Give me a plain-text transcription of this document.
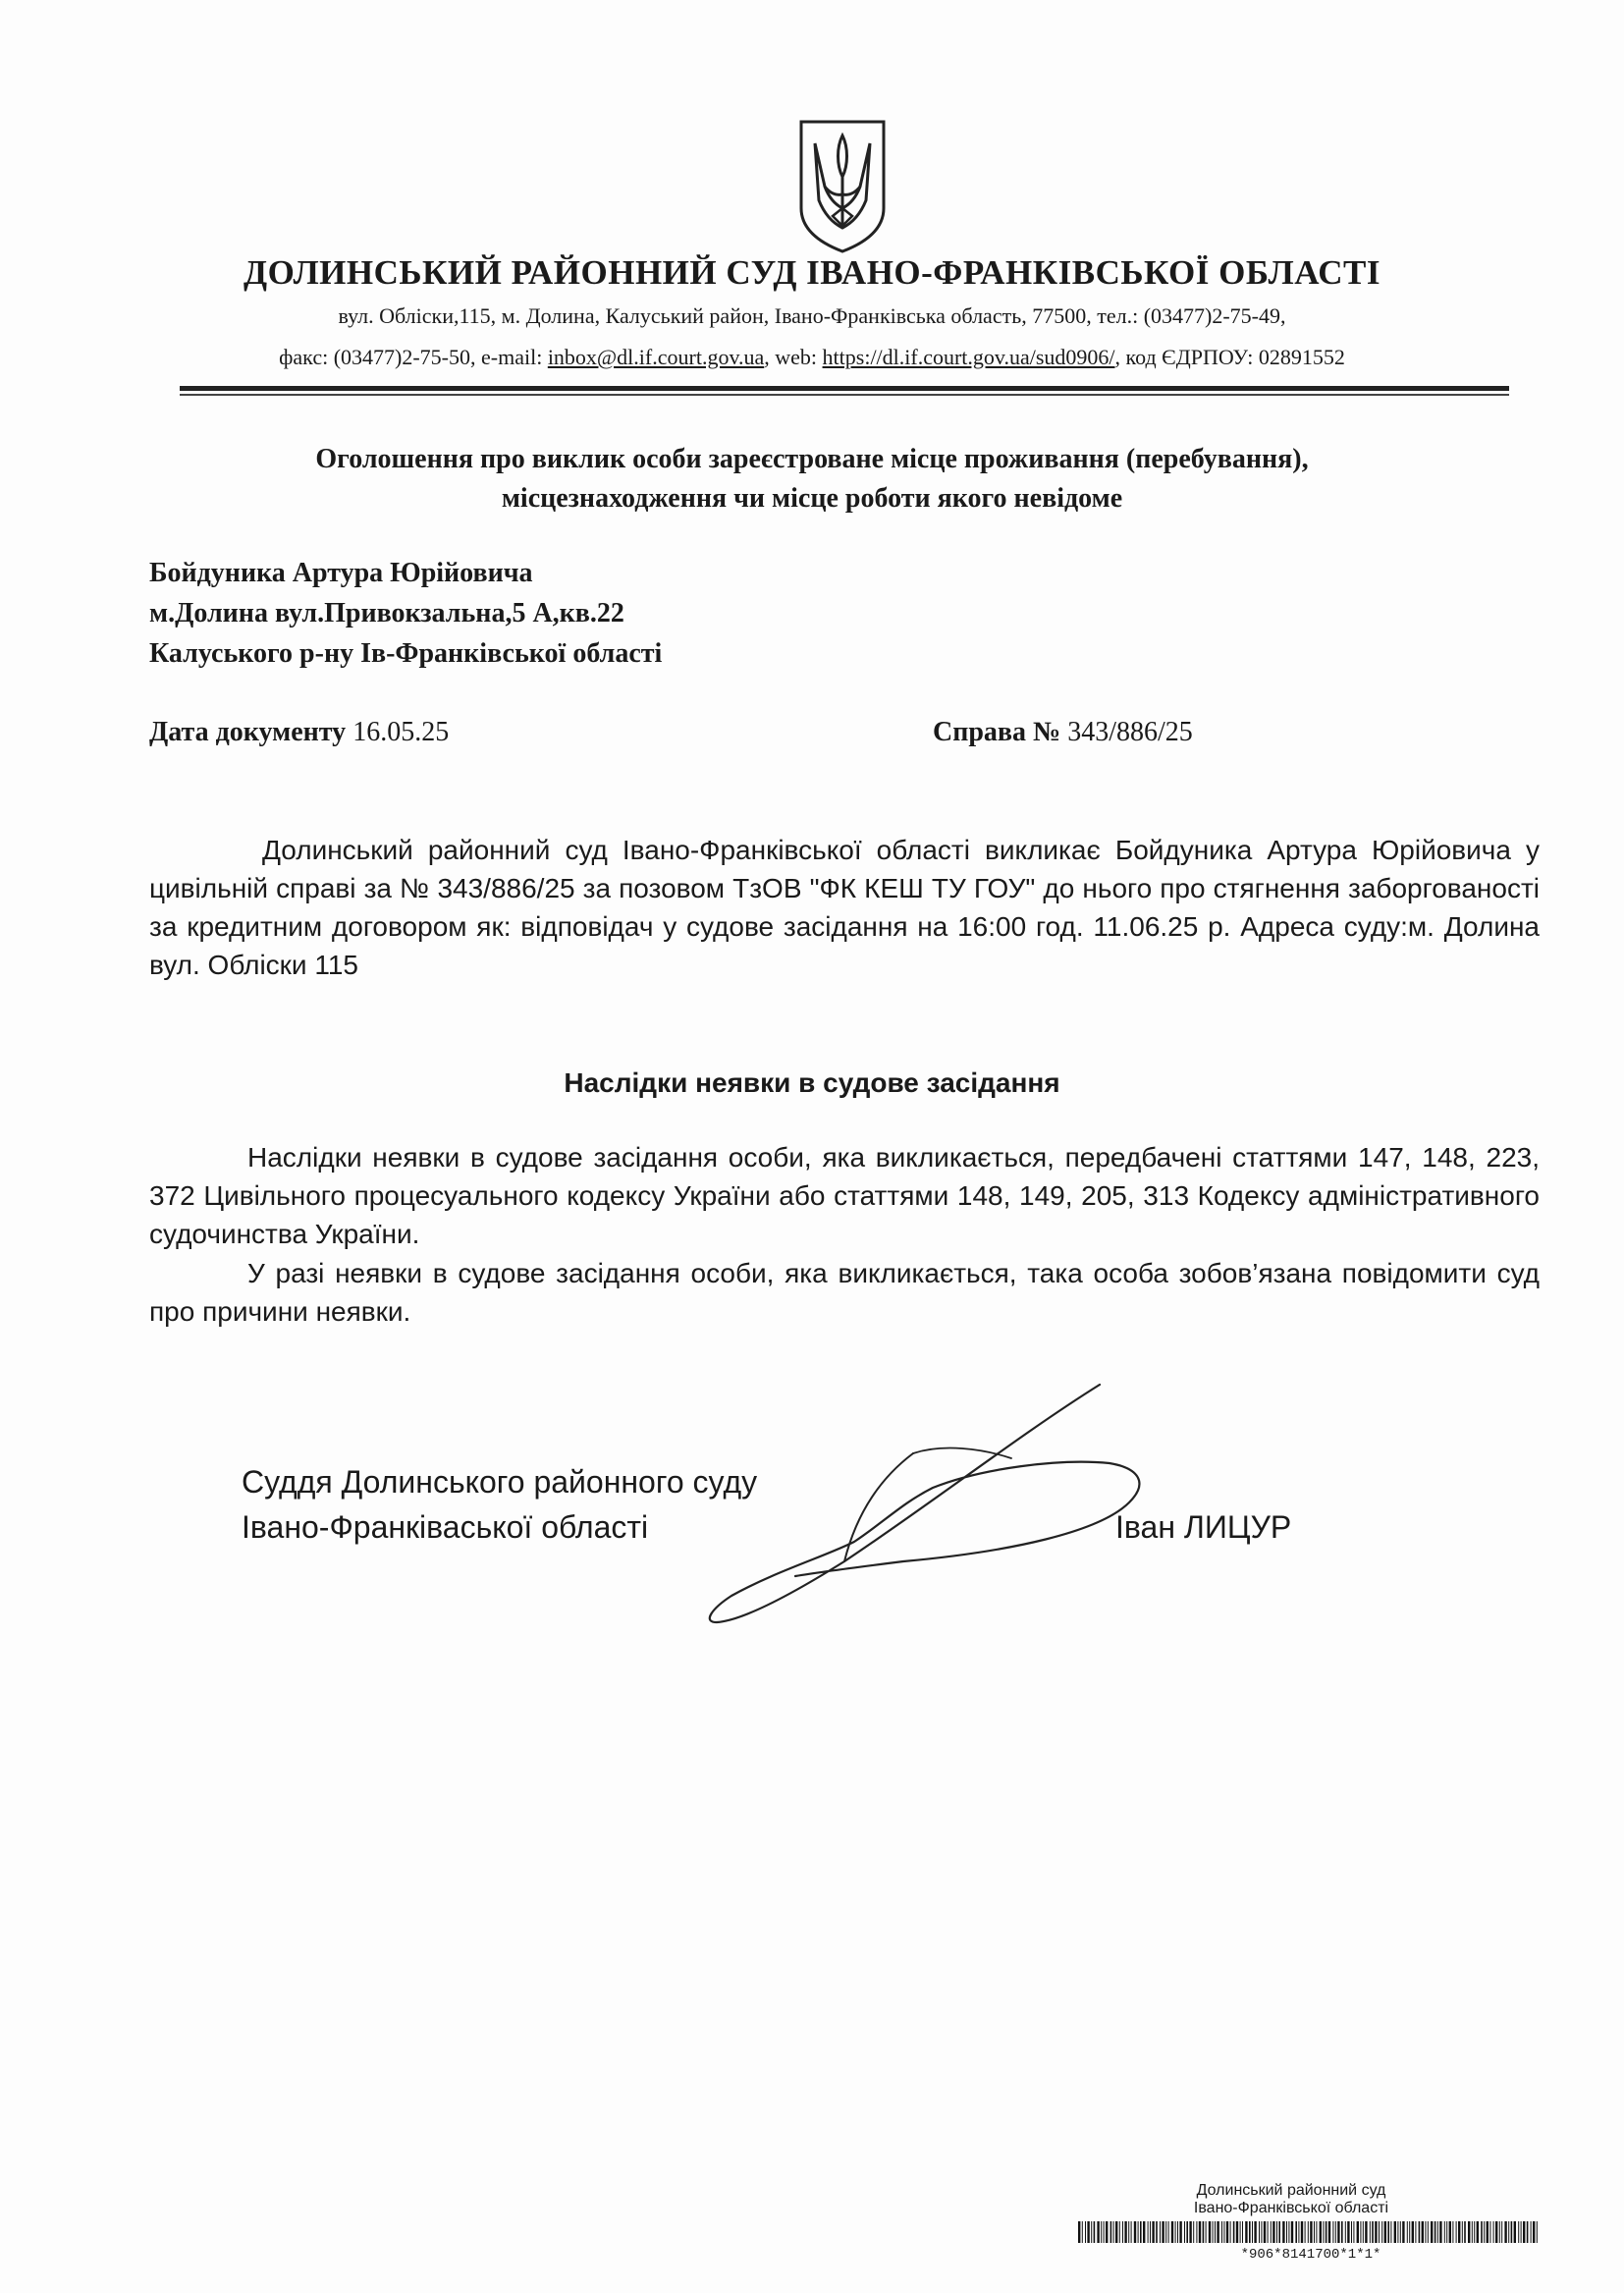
ДОЛИНСЬКИЙ РАЙОННИЙ СУД ІВАНО-ФРАНКІВСЬКОЇ ОБЛАСТІ
вул. Обліски,115, м. Долина, Калуський район, Івано-Франківська область, 77500, тел.: (03477)2-75-49,
факс: (03477)2-75-50, e-mail: inbox@dl.if.court.gov.ua, web: https://dl.if.court.gov.ua/sud0906/, код ЄДРПОУ: 02891552
Оголошення про виклик особи зареєстроване місце проживання (перебування),
місцезнаходження чи місце роботи якого невідоме
Бойдуника Артура Юрійовича
м.Долина вул.Привокзальна,5 А,кв.22
Калуського р-ну Ів-Франківської області
Дата документу 16.05.25	Справа № 343/886/25
Долинський районний суд Івано-Франківської області викликає Бойдуника Артура Юрійовича у цивільній справі за № 343/886/25 за позовом ТзОВ "ФК КЕШ ТУ ГОУ" до нього про стягнення заборгованості за кредитним договором як: відповідач у судове засідання на 16:00 год. 11.06.25 р. Адреса суду:м. Долина вул. Обліски 115
Наслідки неявки в судове засідання
Наслідки неявки в судове засідання особи, яка викликається, передбачені статтями 147, 148, 223, 372 Цивільного процесуального кодексу України або статтями 148, 149, 205, 313 Кодексу адміністративного судочинства України.
У разі неявки в судове засідання особи, яка викликається, така особа зобов’язана повідомити суд про причини неявки.
Суддя Долинського районного суду
Івано-Франківаської області	Іван ЛИЦУР
Долинський районний суд
Івано-Франківської області
*906*8141700*1*1*
